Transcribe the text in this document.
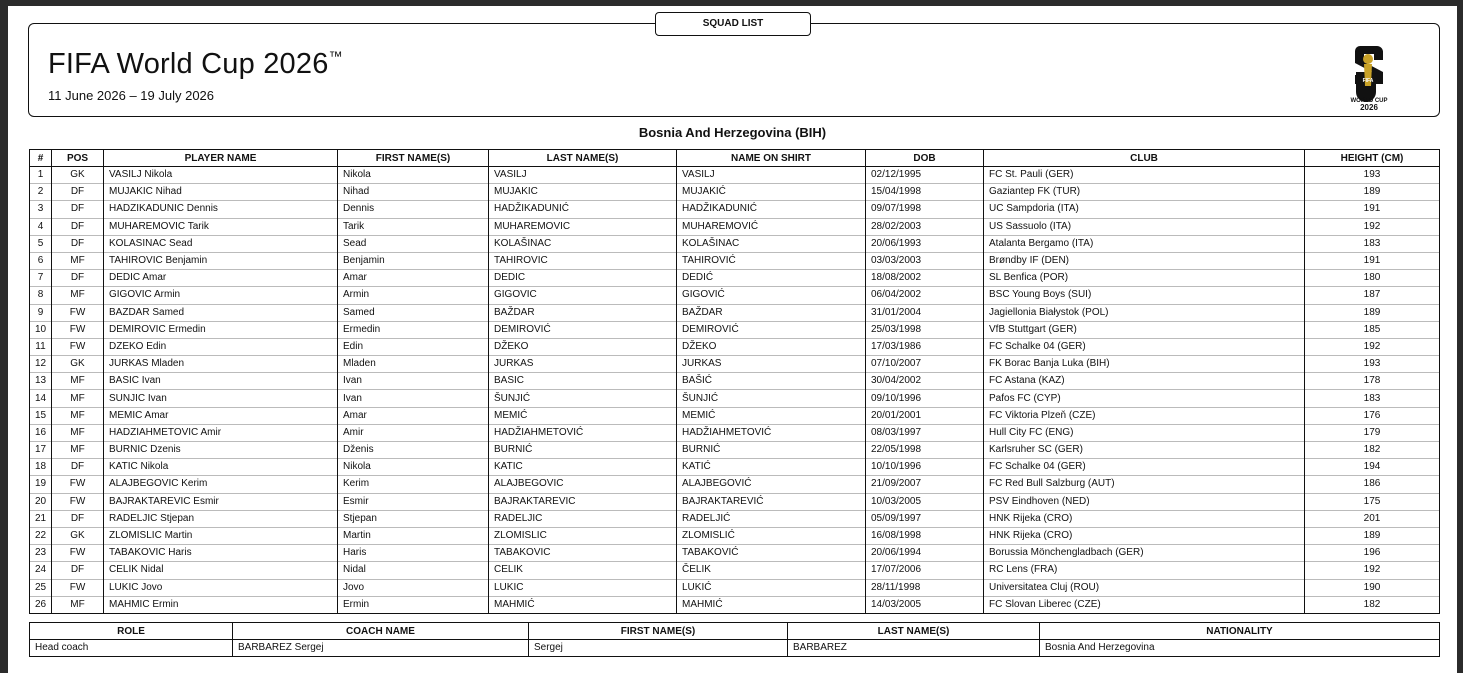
SQUAD LIST
FIFA World Cup 2026™
11 June 2026 – 19 July 2026	WORLD CUP
2026
FIFA
Bosnia And Herzegovina (BIH)
#	POS	PLAYER NAME	FIRST NAME(S)	LAST NAME(S)	NAME ON SHIRT	DOB	CLUB	HEIGHT (CM)
1	GK	VASILJ Nikola	Nikola	VASILJ	VASILJ	02/12/1995	FC St. Pauli (GER)	193
2	DF	MUJAKIC Nihad	Nihad	MUJAKIC	MUJAKIĆ	15/04/1998	Gaziantep FK (TUR)	189
3	DF	HADZIKADUNIC Dennis	Dennis	HADŽIKADUNIĆ	HADŽIKADUNIĆ	09/07/1998	UC Sampdoria (ITA)	191
4	DF	MUHAREMOVIC Tarik	Tarik	MUHAREMOVIC	MUHAREMOVIĆ	28/02/2003	US Sassuolo (ITA)	192
5	DF	KOLASINAC Sead	Sead	KOLAŠINAC	KOLAŠINAC	20/06/1993	Atalanta Bergamo (ITA)	183
6	MF	TAHIROVIC Benjamin	Benjamin	TAHIROVIC	TAHIROVIĆ	03/03/2003	Brøndby IF (DEN)	191
7	DF	DEDIC Amar	Amar	DEDIC	DEDIĆ	18/08/2002	SL Benfica (POR)	180
8	MF	GIGOVIC Armin	Armin	GIGOVIC	GIGOVIĆ	06/04/2002	BSC Young Boys (SUI)	187
9	FW	BAZDAR Samed	Samed	BAŽDAR	BAŽDAR	31/01/2004	Jagiellonia Białystok (POL)	189
10	FW	DEMIROVIC Ermedin	Ermedin	DEMIROVIĆ	DEMIROVIĆ	25/03/1998	VfB Stuttgart (GER)	185
11	FW	DZEKO Edin	Edin	DŽEKO	DŽEKO	17/03/1986	FC Schalke 04 (GER)	192
12	GK	JURKAS Mladen	Mladen	JURKAS	JURKAS	07/10/2007	FK Borac Banja Luka (BIH)	193
13	MF	BASIC Ivan	Ivan	BASIC	BAŠIĆ	30/04/2002	FC Astana (KAZ)	178
14	MF	SUNJIC Ivan	Ivan	ŠUNJIĆ	ŠUNJIĆ	09/10/1996	Pafos FC (CYP)	183
15	MF	MEMIC Amar	Amar	MEMIĆ	MEMIĆ	20/01/2001	FC Viktoria Plzeň (CZE)	176
16	MF	HADZIAHMETOVIC Amir	Amir	HADŽIAHMETOVIĆ	HADŽIAHMETOVIĆ	08/03/1997	Hull City FC (ENG)	179
17	MF	BURNIC Dzenis	Dženis	BURNIĆ	BURNIĆ	22/05/1998	Karlsruher SC (GER)	182
18	DF	KATIC Nikola	Nikola	KATIC	KATIĆ	10/10/1996	FC Schalke 04 (GER)	194
19	FW	ALAJBEGOVIC Kerim	Kerim	ALAJBEGOVIC	ALAJBEGOVIĆ	21/09/2007	FC Red Bull Salzburg (AUT)	186
20	FW	BAJRAKTAREVIC Esmir	Esmir	BAJRAKTAREVIC	BAJRAKTAREVIĆ	10/03/2005	PSV Eindhoven (NED)	175
21	DF	RADELJIC Stjepan	Stjepan	RADELJIC	RADELJIĆ	05/09/1997	HNK Rijeka (CRO)	201
22	GK	ZLOMISLIC Martin	Martin	ZLOMISLIC	ZLOMISLIĆ	16/08/1998	HNK Rijeka (CRO)	189
23	FW	TABAKOVIC Haris	Haris	TABAKOVIC	TABAKOVIĆ	20/06/1994	Borussia Mönchengladbach (GER)	196
24	DF	CELIK Nidal	Nidal	CELIK	ČELIK	17/07/2006	RC Lens (FRA)	192
25	FW	LUKIC Jovo	Jovo	LUKIC	LUKIĆ	28/11/1998	Universitatea Cluj (ROU)	190
26	MF	MAHMIC Ermin	Ermin	MAHMIĆ	MAHMIĆ	14/03/2005	FC Slovan Liberec (CZE)	182
ROLE	COACH NAME	FIRST NAME(S)	LAST NAME(S)	NATIONALITY
Head coach	BARBAREZ Sergej	Sergej	BARBAREZ	Bosnia And Herzegovina
